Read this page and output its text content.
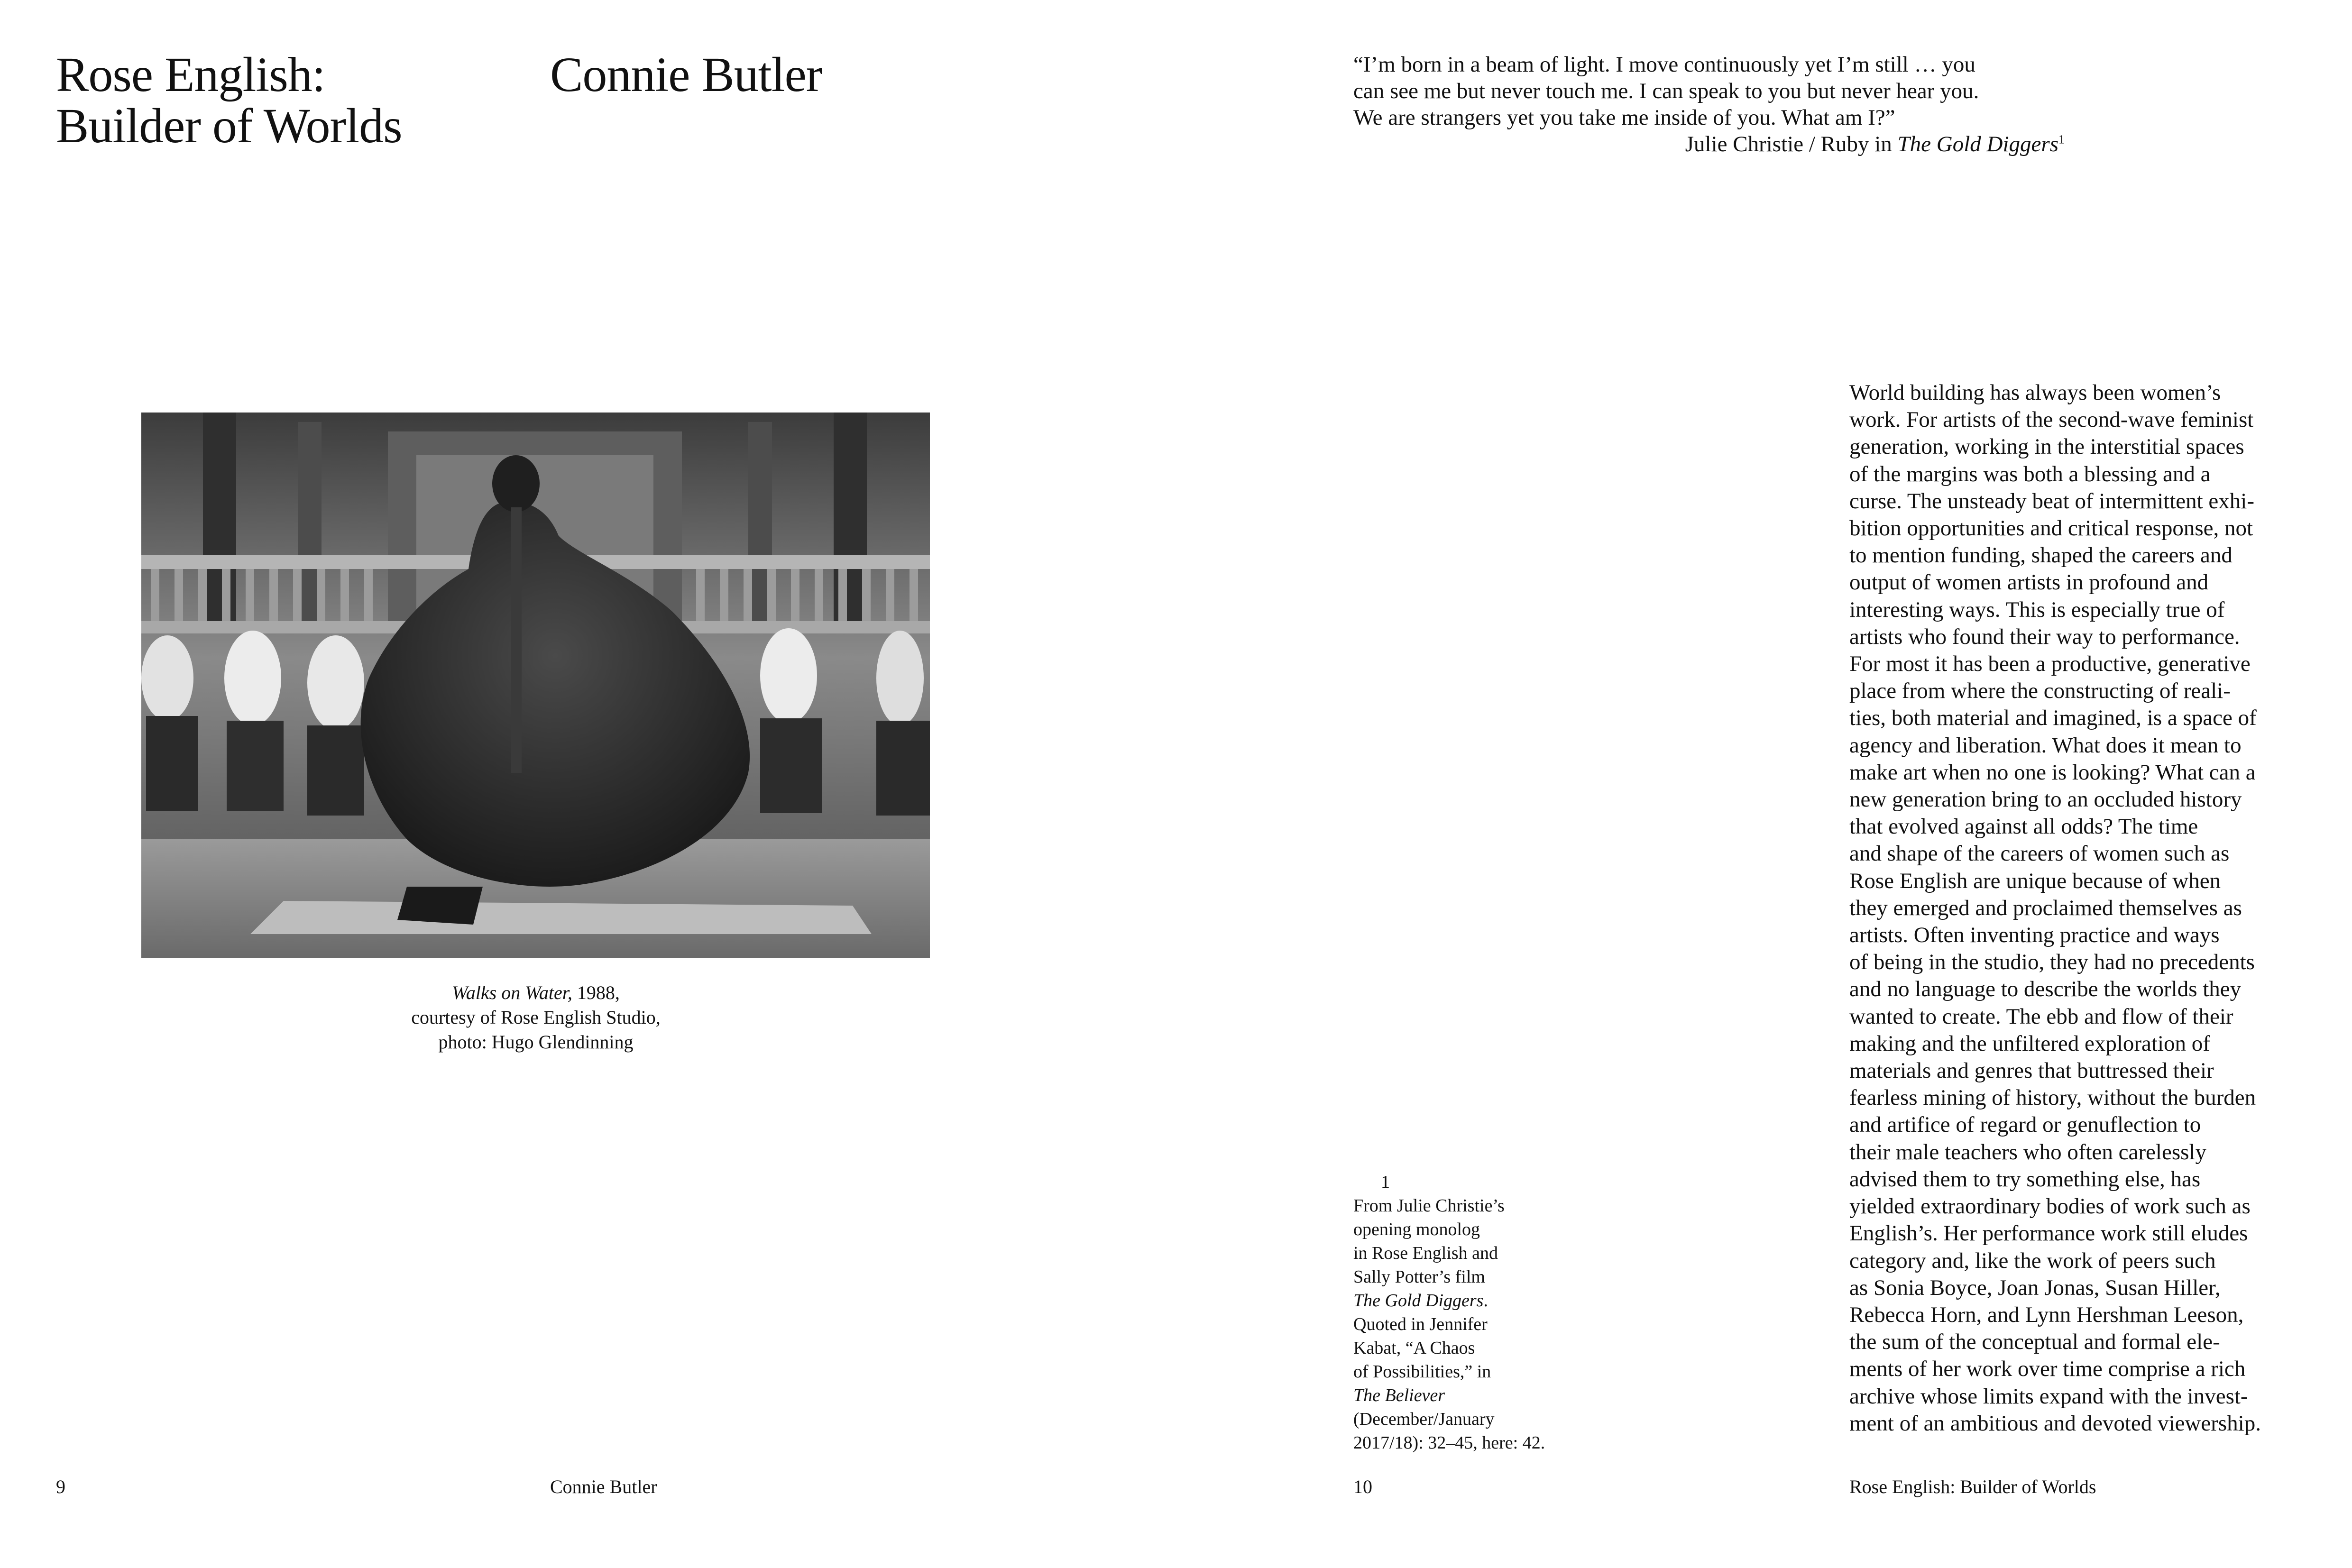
Rose English:
Builder of Worlds
Connie Butler
Walks on Water, 1988,
courtesy of Rose English Studio,
photo: Hugo Glendinning
9	Connie Butler
“I’m born in a beam of light. I move continuously yet I’m still … you
can see me but never touch me. I can speak to you but never hear you.
We are strangers yet you take me inside of you. What am I?”
Julie Christie / Ruby in The Gold Diggers$^1$
1
From Julie Christie’s
opening monolog
in Rose English and
Sally Potter’s film
The Gold Diggers.
Quoted in Jennifer
Kabat, “A Chaos
of Possibilities,” in
The Believer
(December/January
2017/18): 32–45, here: 42.
World building has always been women’s
work. For artists of the second-wave feminist
generation, working in the interstitial spaces
of the margins was both a blessing and a
curse. The unsteady beat of intermittent exhi-
bition opportunities and critical response, not
to mention funding, shaped the careers and
output of women artists in profound and
interesting ways. This is especially true of
artists who found their way to performance.
For most it has been a productive, generative
place from where the constructing of reali-
ties, both material and imagined, is a space of
agency and liberation. What does it mean to
make art when no one is looking? What can a
new generation bring to an occluded history
that evolved against all odds? The time
and shape of the careers of women such as
Rose English are unique because of when
they emerged and proclaimed themselves as
artists. Often inventing practice and ways
of being in the studio, they had no precedents
and no language to describe the worlds they
wanted to create. The ebb and flow of their
making and the unfiltered exploration of
materials and genres that buttressed their
fearless mining of history, without the burden
and artifice of regard or genuflection to
their male teachers who often carelessly
advised them to try something else, has
yielded extraordinary bodies of work such as
English’s. Her performance work still eludes
category and, like the work of peers such
as Sonia Boyce, Joan Jonas, Susan Hiller,
Rebecca Horn, and Lynn Hershman Leeson,
the sum of the conceptual and formal ele-
ments of her work over time comprise a rich
archive whose limits expand with the invest-
ment of an ambitious and devoted viewership.
10	Rose English: Builder of Worlds
